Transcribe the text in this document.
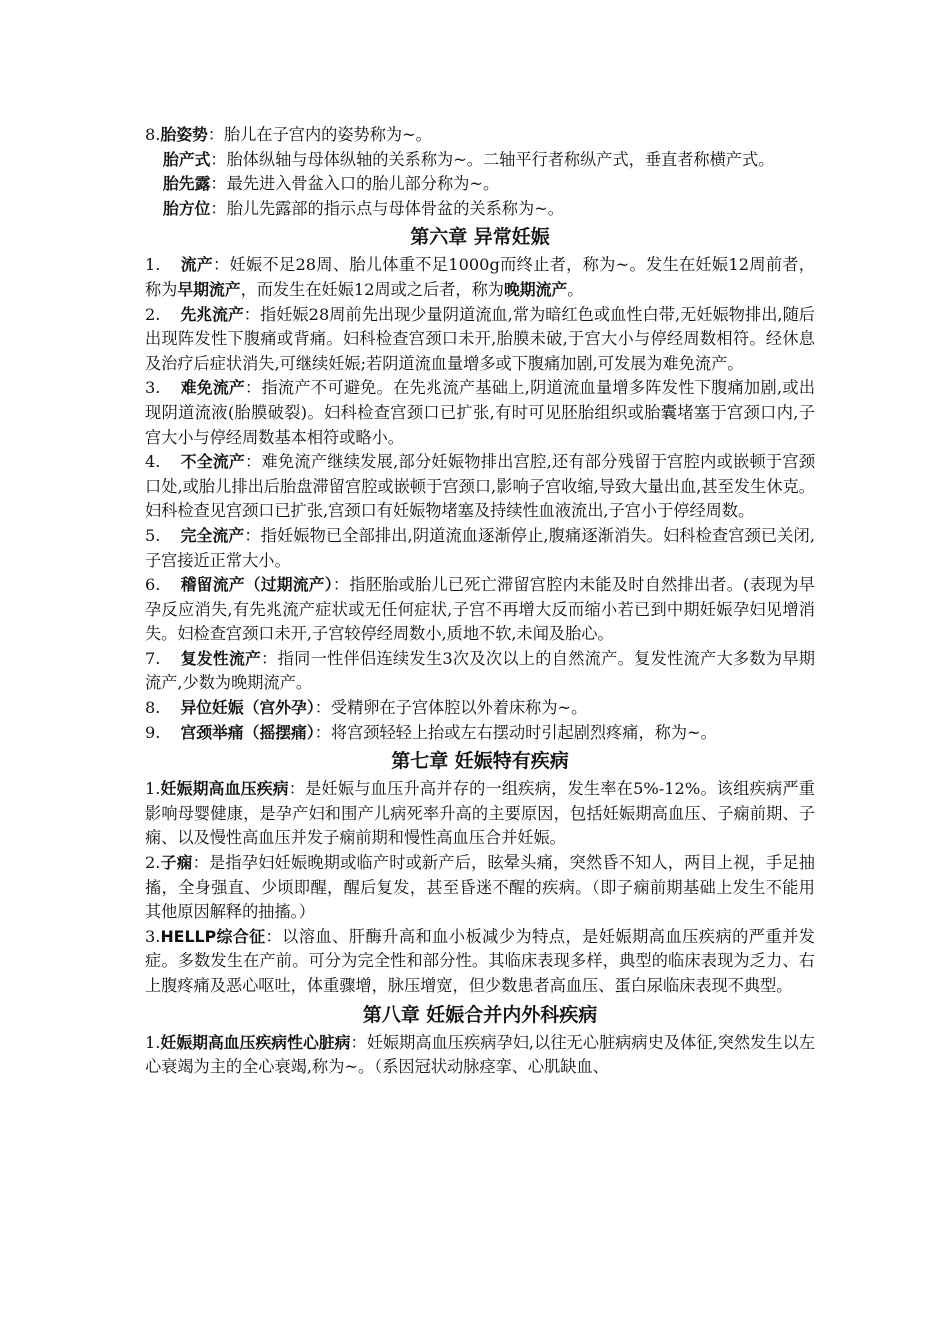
8.胎姿势：胎儿在子宫内的姿势称为~。

胎产式：胎体纵轴与母体纵轴的关系称为~。二轴平行者称纵产式，垂直者称横产式。

胎先露：最先进入骨盆入口的胎儿部分称为~。

胎方位：胎儿先露部的指示点与母体骨盆的关系称为~。

第六章 异常妊娠

1. 流产：妊娠不足28周、胎儿体重不足1000g而终止者，称为~。发生在妊娠12周前者，称为早期流产，而发生在妊娠12周或之后者，称为晚期流产。

2. 先兆流产：指妊娠28周前先出现少量阴道流血,常为暗红色或血性白带,无妊娠物排出,随后出现阵发性下腹痛或背痛。妇科检查宫颈口未开,胎膜未破,于宫大小与停经周数相符。经休息及治疗后症状消失,可继续妊娠;若阴道流血量增多或下腹痛加剧,可发展为难免流产。

3. 难免流产：指流产不可避免。在先兆流产基础上,阴道流血量增多阵发性下腹痛加剧,或出现阴道流液(胎膜破裂)。妇科检查宫颈口已扩张,有时可见胚胎组织或胎囊堵塞于宫颈口内,子宫大小与停经周数基本相符或略小。

4. 不全流产：难免流产继续发展,部分妊娠物排出宫腔,还有部分残留于宫腔内或嵌顿于宫颈口处,或胎儿排出后胎盘滞留宫腔或嵌顿于宫颈口,影响子宫收缩,导致大量出血,甚至发生休克。妇科检查见宫颈口已扩张,宫颈口有妊娠物堵塞及持续性血液流出,子宫小于停经周数。

5. 完全流产：指妊娠物已全部排出,阴道流血逐渐停止,腹痛逐渐消失。妇科检查宫颈已关闭,子宫接近正常大小。

6. 稽留流产（过期流产）：指胚胎或胎儿已死亡滞留宫腔内未能及时自然排出者。(表现为早孕反应消失,有先兆流产症状或无任何症状,子宫不再增大反而缩小若已到中期妊娠孕妇见增消失。妇检查宫颈口未开,子宫较停经周数小,质地不软,未闻及胎心。

7. 复发性流产：指同一性伴侣连续发生3次及次以上的自然流产。复发性流产大多数为早期流产,少数为晚期流产。

8. 异位妊娠（宫外孕）：受精卵在子宫体腔以外着床称为~。

9. 宫颈举痛（摇摆痛）：将宫颈轻轻上抬或左右摆动时引起剧烈疼痛，称为~。

第七章 妊娠特有疾病

1.妊娠期高血压疾病：是妊娠与血压升高并存的一组疾病，发生率在5%-12%。该组疾病严重影响母婴健康，是孕产妇和围产儿病死率升高的主要原因，包括妊娠期高血压、子痫前期、子痫、以及慢性高血压并发子痫前期和慢性高血压合并妊娠。

2.子痫：是指孕妇妊娠晚期或临产时或新产后，眩晕头痛，突然昏不知人，两目上视，手足抽搐，全身强直、少顷即醒，醒后复发，甚至昏迷不醒的疾病。（即子痫前期基础上发生不能用其他原因解释的抽搐。）

3.HELLP综合征：以溶血、肝酶升高和血小板减少为特点，是妊娠期高血压疾病的严重并发症。多数发生在产前。可分为完全性和部分性。其临床表现多样，典型的临床表现为乏力、右上腹疼痛及恶心呕吐，体重骤增，脉压增宽，但少数患者高血压、蛋白尿临床表现不典型。

第八章 妊娠合并内外科疾病

1.妊娠期高血压疾病性心脏病：妊娠期高血压疾病孕妇,以往无心脏病病史及体征,突然发生以左心衰竭为主的全心衰竭,称为~。（系因冠状动脉痉挛、心肌缺血、
